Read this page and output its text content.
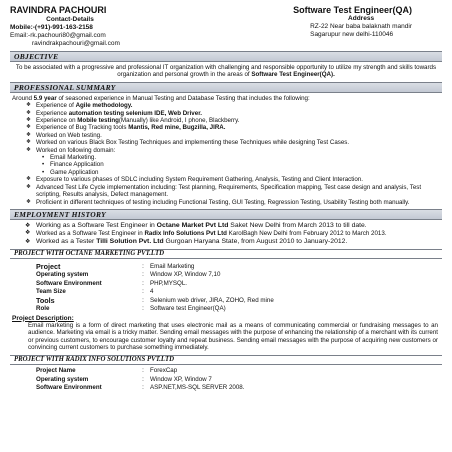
RAVINDRA PACHOURI	Software Test Engineer(QA)
Contact-Details
Mobile:-(+91)-991-163-2158
Email:-rk.pachouri80@gmail.com
ravindrakpachouri@gmail.com
Address
RZ-22 Near baba balaknath mandir
Sagarupur new delhi-110046
OBJECTIVE
To be associated with a progressive and professional IT organization with challenging and responsible opportunity to utilize my strength and skills towards organization and personal growth in the areas of Software Test Engineer(QA).
PROFESSIONAL SUMMARY
Around 5.9 year of seasoned experience in Manual Testing and Database Testing that includes the following:
❖ Experience of Agile methodology.
❖ Experience automation testing selenium IDE, Web Driver.
❖ Experience on Mobile testing(Manually) like Android, I phone, Blackberry.
❖ Experience of Bug Tracking tools Mantis, Red mine, Bugzilla, JIRA.
❖ Worked on Web testing.
❖ Worked on various Black Box Testing Techniques and implementing these Techniques while designing Test Cases.
❖ Worked on following domain:
• Email Marketing.
• Finance Application
• Game Application
❖ Exposure to various phases of SDLC including System Requirement Gathering, Analysis, Testing and Client Interaction.
❖ Advanced Test Life Cycle implementation including: Test planning, Requirements, Specification mapping, Test case design and analysis, Test scripting, Results analysis, Defect management.
❖ Proficient in different techniques of testing including Functional Testing, GUI Testing, Regression Testing, Usability Testing both manually.
EMPLOYMENT HISTORY
❖ Working as a Software Test Engineer in Octane Market Pvt Ltd Saket New Delhi from March 2013 to till date.
❖ Worked as a Software Test Engineer in Radix Info Solutions Pvt Ltd KarolBagh New Delhi from February 2012 to March 2013.
❖ Worked as a Tester Tilli Solution Pvt. Ltd Gurgoan Haryana State, from August 2010 to January-2012.
PROJECT WITH OCTANE MARKETING PVT.LTD
Project	:	Email Marketing
Operating system	:	Window XP, Window 7,10
Software Environment	:	PHP,MYSQL.
Team Size	:	4
Tools	:	Selenium web driver, JIRA, ZOHO, Red mine
Role	:	Software test Engineer(QA)
Project Description:
Email marketing is a form of direct marketing that uses electronic mail as a means of communicating commercial or fundraising messages to an audience. Marketing via email is a tricky matter. Sending email messages with the purpose of enhancing the relationship of a merchant with its current or previous customers, to encourage customer loyalty and repeat business. Sending email messages with the purpose of acquiring new customers or convincing current customers to purchase something immediately.
PROJECT WITH RADIX INFO SOLUTIONS PVT.LTD
Project Name	:	ForexCap
Operating system	:	Window XP, Window 7
Software Environment	:	ASP.NET,MS-SQL SERVER 2008.
